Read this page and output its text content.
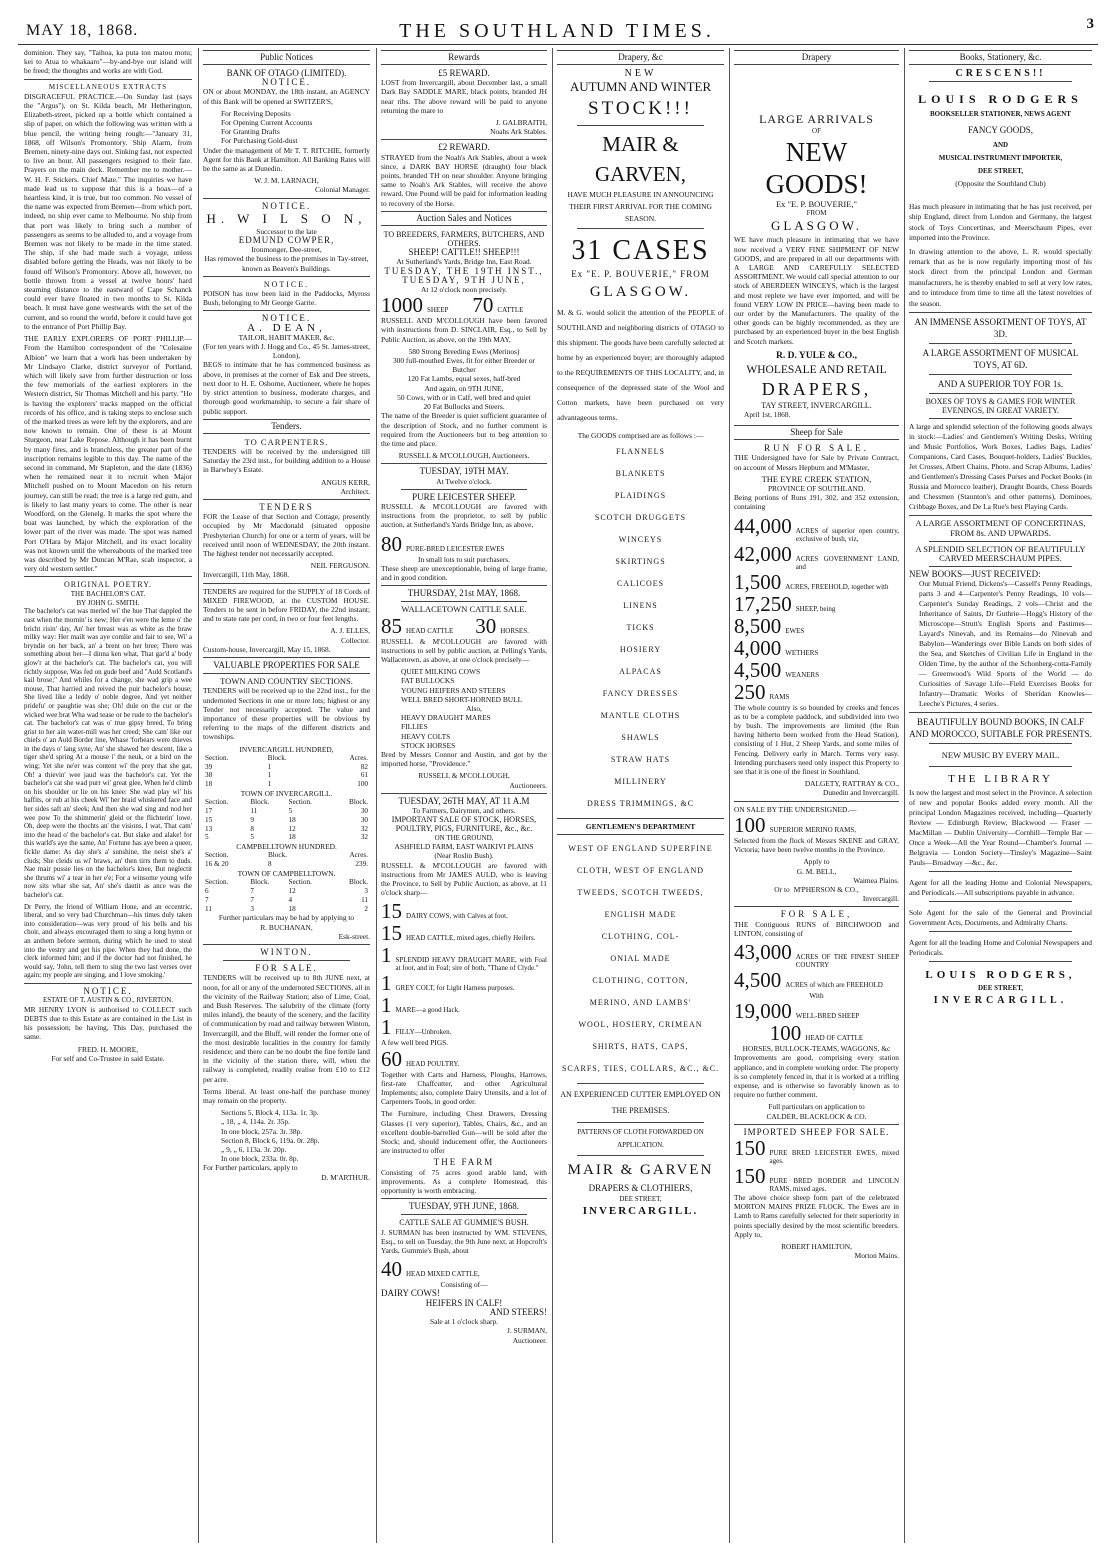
MAY 18, 1868.	THE SOUTHLAND TIMES.	3

dominion. They say, "Taihoa, ka puta ton matou motu; kei to Atua to whakaaro"—by-and-bye our island will be freed; the thoughts and works are with God.

MISCELLANEOUS EXTRACTS

DISGRACEFUL PRACTICE.—On Sunday last (says the "Argus"), on St. Kilda beach, Mr Hetherington, Elizabeth-street, picked up a bottle which contained a slip of paper, on which the following was written with a blue pencil, the writing being rough:—"January 31, 1868, off Wilson's Promontory. Ship Alarm, from Bremen, ninety-nine days out. Sinking fast, not expected to live an hour. All passengers resigned to their fate. Prayers on the main deck. Remember me to mother.—W. H. F. Stickers. Chief Mate." The inquiries we have made lead us to suppose that this is a hoax—of a heartless kind, it is true, but too common. No vessel of the name was expected from Bremen—from which port, indeed, no ship ever came to Melbourne. No ship from that port was likely to bring such a number of passengers as seems to be alluded to, and a voyage from Bremen was not likely to be made in the time stated. The ship, if she had made such a voyage, unless disabled before getting the Heads, was not likely to be found off Wilson's Promontory. Above all, however, no bottle thrown from a vessel at twelve hours' hard steaming distance to the eastward of Cape Schanck could ever have floated in two months to St. Kilda beach. It must have gone westwards with the set of the current, and so round the world, before it could have got to the entrance of Port Phillip Bay.

THE EARLY EXPLORERS OF PORT PHILLIP.—From the Hamilton correspondent of the "Colesaine Albion" we learn that a work has been undertaken by Mr Lindsayo Clarke, district surveyor of Portland, which will likely save from further destruction or loss the few memorials of the earliest explorers in the Western district, Sir Thomas Mitchell and his party. "He is having the explorers' tracks mapped on the official records of his office, and is taking steps to enclose such of the marked trees as were left by the explorers, and are now known to remain. One of these is at Mount Sturgeon, near Lake Repose. Although it has been burnt by many fires, and is branchless, the greater part of the inscription remains legible to this day. The name of the second in command, Mr Stapleton, and the date (1836) when he remained near it to recruit when Major Mitchell pushed on to Mount Macedon on his return journey, can still be read; the tree is a large red gum, and is likely to last many years to come. The other is near Woodford, on the Glenelg. It marks the spot where the boat was launched, by which the exploration of the lower part of the river was made. The spot was named Port O'Hara by Major Mitchell, and its exact locality was not known until the whereabouts of the marked tree was described by Mr Duncan M'Rae, scab inspector, a very old western settler."

ORIGINAL POETRY.
THE BACHELOR'S CAT.
BY JOHN G. SMITH.

The bachelor's cat was merled wi' the hue That dappled the east when the mornin' is new; Her e'en were the leme o' the bricht risin' day, An' her breast was as white as the braw milky way: Her mailt was aye comlie and fair to see, Wi' a bryndie on her back, an' a brent on her bree; There was something about her—I dinna ken what, That gar'd a' body glow'r at the bachelor's cat. The bachelor's cat, you will richtly suppose, Was fed on gude beef and "Auld Scotland's kail brose;" And whiles for a change, she wad grip a wee mouse, That harried and reived the puir bachelor's house; She lived like a leddy o' noble degree, And yet neither pridefu' or paughtie was she; Oh! dule on the cur or the wicked wee brat Wha wad tease or be rude to the bachelor's cat. The bachelor's cat was o' true gipsy breed, To bring grist to her ain water-mill was her creed; She cam' like our chiefs o' an Auld Border line, Whase 'forbears were thieves in the days o' lang syne, An' she shawed her descent, like a tiger she'd spring At a mouse i' the neuk, or a bird on the wing; Yet she ne'er was content wi' the prey that she gat, Oh! a thievin' wee jaud was the bachelor's cat. Yet the bachelor's cat she wad purr wi' great glee, When he'd climb on his shoulder or lie on his knee: She wad play wi' his haffits, or rub at his cheek Wi' her braid whiskered face and her sides saft an' sleek; And then she wad sing and nod her wee pow To the shimmerin' gleid or the flichterin' lowe. Oh, deep were the thochts an' the visions, I wat, That cam' into the head o' the bachelor's cat. But slake and alake! for this warld's aye the same, An' Fortune has aye been a queer, fickle dame: As day she's a' sunshine, the neist she's a' cluds; She cleids us wi' braws, an' then tirrs them to duds. Nae mair pussie lies on the bachelor's knee, But neglectit she thrums wi' a tear in her e'e; For a winsome young wife now sits whar she sat, An' she's dautit as ance was the bachelor's cat.

Dr Perry, the friend of William Hone, and an eccentric, liberal, and so very bad Churchman—his times duly taken into consideration—was very proud of his bells and his choir, and always encouraged them to sing a long hymn or an anthem before sermon, during which he used to steal into the vestry and get his pipe. When they had done, the clerk informed him; and if the doctor had not finished, he would say, 'John, tell them to sing the two last verses over again; my people are singing, and I love smoking.'

NOTICE.
ESTATE OF T. AUSTIN & CO., RIVERTON.

MR HENRY LYON is authorised to COLLECT such DEBTS due to this Estate as are contained in the List in his possession; he having, This Day, purchased the same.

FRED. H. MOORE,
For self and Co-Trustee in said Estate.
Public Notices
BANK OF OTAGO (LIMITED).
NOTICE.

ON or about MONDAY, the 18th instant, an AGENCY of this Bank will be opened at SWITZER'S,

For Receiving Deposits
For Opening Current Accounts
For Granting Drafts
For Purchasing Gold-dust

Under the management of Mr T. T. RITCHIE, formerly Agent for this Bank at Hamilton. All Banking Rates will be the same as at Dunedin.

W. J. M. LARNACH,
Colonial Manager.
NOTICE.
H. W I L S O N,
Successor to the late
EDMUND COWPER,
Ironmonger, Dee-street,

Has removed the business to the premises in Tay-street, known as Beaven's Buildings.

NOTICE.

POISON has now been laid in the Paddocks, Myross Bush, belonging to Mr George Garrie.

NOTICE.
A. DEAN,
TAILOR, HABIT MAKER, &c.
(For ten years with J. Hogg and Co., 45 St. James-street, London),

BEGS to intimate that he has commenced business as above, in premises at the corner of Esk and Dee streets, next door to H. E. Osborne, Auctioneer, where he hopes by strict attention to business, moderate charges, and thorough good workmanship, to secure a fair share of public support.

Tenders.
TO CARPENTERS.

TENDERS will be received by the undersigned till Saturday the 23rd inst., for building addition to a House in Barwhey's Estate.

ANGUS KERR,
Architect.
TENDERS

FOR the Lease of that Section and Cottage, presently occupied by Mr Macdonald (situated opposite Presbyterian Church) for one or a term of years, will be received until noon of WEDNESDAY, the 20th instant. The highest tender not necessarily accepted.

NEIL FERGUSON.
Invercargill, 11th May, 1868.

TENDERS are required for the SUPPLY of 18 Cords of MIXED FIREWOOD, at the CUSTOM HOUSE. Tenders to be sent in before FRIDAY, the 22nd instant; and to state rate per cord, in two or four feet lengths.

A. J. ELLES,
Collector.
Custom-house, Invercargill, May 15, 1868.
VALUABLE PROPERTIES FOR SALE
TOWN AND COUNTRY SECTIONS.

TENDERS will be received up to the 22nd inst., for the undernoted Sections in one or more lots; highest or any Tender not necessarily accepted. The value and importance of these properties will be obvious by referring to the maps of the different districts and townships.

INVERCARGILL HUNDRED,
Section.	Block.	Acres.
39	1	82
38	1	61
18	1	100
TOWN OF INVERCARGILL.
Section.	Block.	Section.	Block.
17	11	5	30
15	9	18	30
13	8	12	32
5	5	18	32
CAMPBELLTOWN HUNDRED.
Section.	Block.	Acres.
16 & 20	8	239.
TOWN OF CAMPBELLTOWN.
Section.	Block.	Section.	Block.
6	7	12	3
7	7	4	11
11	3	18	2
Further particulars may be had by applying to
R. BUCHANAN,
Esk-street.
WINTON.
FOR SALE.

TENDERS will be received up to 8th JUNE next, at noon, for all or any of the undernoted SECTIONS, all in the vicinity of the Railway Station; also of Lime, Coal, and Bush Reserves. The salubrity of the climate (forty miles inland), the beauty of the scenery, and the facility of communication by road and railway between Winton, Invercargill, and the Bluff, will render the former one of the most desirable localities in the country for family residence; and there can be no doubt the fine fertile land in the vicinity of the station there, will, when the railway is completed, readily realise from £10 to £12 per acre.

Terms liberal. At least one-half the purchase money may remain on the property.

Sections 5, Block 4, 113a. 1r. 3p.
„ 18, „ 4, 114a. 2r. 35p.
In one block, 257a. 3r. 38p.
Section 8, Block 6, 119a. 0r. 28p.
„ 9, „ 6, 113a. 3r. 20p.
In one block, 233a. 0r. 8p.
For Further particulars, apply to
D. M'ARTHUR.
Rewards
£5 REWARD.

LOST from Invercargill, about December last, a small Dark Bay SADDLE MARE, black points, branded JH near ribs. The above reward will be paid to anyone returning the mare to

J. GALBRAITH,
Noahs Ark Stables.
£2 REWARD.

STRAYED from the Noah's Ark Stables, about a week since, a DARK BAY HORSE (draught) four black points, branded TH on near shoulder. Anyone bringing same to Noah's Ark Stables, will receive the above reward. One Pound will be paid for information leading to recovery of the Horse.

Auction Sales and Notices
TO BREEDERS, FARMERS, BUTCHERS, AND OTHERS.
SHEEP! CATTLE!! SHEEP!!!
At Sutherland's Yards, Bridge Inn, East Road.
TUESDAY, THE 19TH INST.,
TUESDAY, 9TH JUNE,
At 12 o'clock noon precisely.
1000 SHEEP 70 CATTLE

RUSSELL AND M'COLLOUGH have been favored with instructions from D. SINCLAIR, Esq., to Sell by Public Auction, as above, on the 19th MAY,

580 Strong Breeding Ewes (Merinos)
300 full-mouthed Ewes, fit for either Breeder or Butcher
120 Fat Lambs, equal sexes, half-bred
And again, on 9TH JUNE,
50 Cows, with or in Calf, well bred and quiet
20 Fat Bullocks and Steers.

The name of the Breeder is quiet sufficient guarantee of the description of Stock, and no further comment is required from the Auctioneers but to beg attention to the time and place.

RUSSELL & M'COLLOUGH, Auctioneers.
TUESDAY, 19TH MAY.
At Twelve o'clock.
PURE LEICESTER SHEEP.

RUSSELL & M'COLLOUGH are favored with instructions from the proprietor, to sell by public auction, at Sutherland's Yards Bridge Inn, as above,

80 PURE-BRED LEICESTER EWES
In small lots to suit purchasers.

These sheep are unexceptionable, being of large frame, and in good condition.

THURSDAY, 21st MAY, 1868.
WALLACETOWN CATTLE SALE.
85 HEAD CATTLE 30 HORSES.

RUSSELL & M'COLLOUGH are favored with instructions to sell by public auction, at Pelling's Yards, Wallacetown, as above, at one o'clock precisely—

QUIET MILKING COWS
FAT BULLOCKS
YOUNG HEIFERS AND STEERS
WELL BRED SHORT-HORNED BULL
Also,
HEAVY DRAUGHT MARES
FILLIES
HEAVY COLTS
STOCK HORSES

Bred by Messrs Connor and Austin, and got by the imported horse, "Providence."

RUSSELL & M'COLLOUGH,
Auctioneers.
TUESDAY, 26TH MAY, AT 11 A.M
To Farmers, Dairymen, and others.
IMPORTANT SALE OF STOCK, HORSES, POULTRY, PIGS, FURNITURE, &c., &c.
ON THE GROUND,
ASHFIELD FARM, EAST WAIKIVI PLAINS
(Near Roslin Bush).

RUSSELL & M'COLLOUGH are favored with instructions from Mr JAMES AULD, who is leaving the Province, to Sell by Public Auction, as above, at 11 o'clock sharp—

15 DAIRY COWS, with Calves at foot.
15 HEAD CATTLE, mixed ages, chiefly Heifers.
1 SPLENDID HEAVY DRAUGHT MARE, with Foal at foot, and in Foal; sire of both, "Thane of Clyde."
1 GREY COLT, for Light Harness purposes.
1 MARE—a good Hack.
1 FILLY—Unbroken.
A few well bred PIGS.
60 HEAD POULTRY.

Together with Carts and Harness, Ploughs, Harrows, first-rate Chaffcutter, and other Agricultural Implements; also, complete Dairy Utensils, and a lot of Carpenters Tools, in good order.

The Furniture, including Chest Drawers, Dressing Glasses (1 very superior), Tables, Chairs, &c., and an excellent double-barrelled Gun—will be sold after the Stock; and, should inducement offer, the Auctioneers are instructed to offer

THE FARM

Consisting of 75 acres good arable land, with improvements. As a complete Homestead, this opportunity is worth embracing.

TUESDAY, 9TH JUNE, 1868.
CATTLE SALE AT GUMMIE'S BUSH.

J. SURMAN has been instructed by WM. STEVENS, Esq., to sell on Tuesday, the 9th June next, at Hopcroft's Yards, Gummie's Bush, about

40 HEAD MIXED CATTLE,
Consisting of—
DAIRY COWS!
HEIFERS IN CALF!
AND STEERS!
Sale at 1 o'clock sharp.
J. SURMAN,
Auctioneer.
Drapery, &c
NEW
AUTUMN AND WINTER
STOCK!!!
MAIR & GARVEN,

HAVE MUCH PLEASURE IN ANNOUNCING THEIR FIRST ARRIVAL FOR THE COMING SEASON.

31 CASES
Ex "E. P. BOUVERIE," FROM
GLASGOW.

M. & G. would solicit the attention of the PEOPLE of SOUTHLAND and neighboring districts of OTAGO to this shipment. The goods have been carefully selected at home by an experienced buyer; are thoroughly adapted to the REQUIREMENTS OF THIS LOCALITY, and, in consequence of the depressed state of the Wool and Cotton markets, have been purchased on very advantageous terms.

The GOODS comprised are as follows :—
FLANNELS
BLANKETS
PLAIDINGS
SCOTCH DRUGGETS
WINCEYS
SKIRTINGS
CALICOES
LINENS
TICKS
HOSIERY
ALPACAS
FANCY DRESSES
MANTLE CLOTHS
SHAWLS
STRAW HATS
MILLINERY
DRESS TRIMMINGS, &C
GENTLEMEN'S DEPARTMENT
WEST OF ENGLAND SUPERFINE
CLOTH, WEST OF ENGLAND
TWEEDS, SCOTCH TWEEDS,
ENGLISH MADE
CLOTHING, COL-
ONIAL MADE
CLOTHING, COTTON,
MERINO, AND LAMBS'
WOOL, HOSIERY, CRIMEAN
SHIRTS, HATS, CAPS,
SCARFS, TIES, COLLARS, &C., &C.
AN EXPERIENCED CUTTER EMPLOYED ON THE PREMISES.
PATTERNS OF CLOTH FORWARDED ON APPLICATION.
MAIR & GARVEN
DRAPERS & CLOTHIERS,
DEE STREET,
INVERCARGILL.
Drapery
LARGE ARRIVALS
OF
NEW GOODS!
Ex "E. P. BOUVERIE,"
FROM
GLASGOW.

WE have much pleasure in intimating that we have now received a VERY FINE SHIPMENT OF NEW GOODS, and are prepared in all our departments with A LARGE AND CAREFULLY SELECTED ASSORTMENT. We would call special attention to our stock of ABERDEEN WINCEYS, which is the largest and most replete we have ever imported, and will be found VERY LOW IN PRICE—having been made to our order by the Manufacturers. The quality of the other goods can be highly recommended, as they are purchased by an experienced buyer in the best English and Scotch markets.

R. D. YULE & CO.,
WHOLESALE AND RETAIL
DRAPERS,
TAY STREET, INVERCARGILL.
April 1st, 1868.
Sheep for Sale
RUN FOR SALE.

THE Undersigned have for Sale by Private Contract, on account of Messrs Hepburn and M'Master,

THE EYRE CREEK STATION,
PROVINCE OF SOUTHLAND.

Being portions of Runs 191, 302, and 352 extension, containing

44,000 ACRES of superior open country, exclusive of bush, viz,
42,000 ACRES GOVERNMENT LAND, and
1,500 ACRES, FREEHOLD, together with
17,250 SHEEP, being
8,500 EWES
4,000 WETHERS
4,500 WEANERS
250 RAMS

The whole country is so bounded by creeks and fences as to be a complete paddock, and subdivided into two by bush. The improvements are limited (the Run having hitherto been worked from the Head Station), consisting of 1 Hut, 2 Sheep Yards, and some miles of Fencing. Delivery early in March. Terms very easy. Intending purchasers need only inspect this Property to see that it is one of the finest in Southland.

DALGETY, RATTRAY & CO.,
Dunedin and Invercargill.
ON SALE BY THE UNDERSIGNED.—
100 SUPERIOR MERINO RAMS,

Selected from the flock of Messrs SKENE and GRAY, Victoria; have been twelve months in the Province.

Apply to
G. M. BELL,
Waimea Plains.
Or to M'PHERSON & CO.,
Invercargill.
FOR SALE,

THE Contiguous RUNS of BIRCHWOOD and LINTON, consisting of

43,000 ACRES OF THE FINEST SHEEP COUNTRY
4,500 ACRES of which are FREEHOLD
With
19,000 WELL-BRED SHEEP
100 HEAD OF CATTLE
HORSES, BULLOCK-TEAMS, WAGGONS, &c

Improvements are good, comprising every station appliance, and in complete working order. The property is so completely fenced in, that it is worked at a trifling expense, and is otherwise so favorably known as to require no further comment.

Full particulars on application to
CALDER, BLACKLOCK & CO.
IMPORTED SHEEP FOR SALE.
150 PURE BRED LEICESTER EWES, mixed ages.
150 PURE BRED BORDER and LINCOLN RAMS, mixed ages.

The above choice sheep form part of the celebrated MORTON MAINS PRIZE FLOCK. The Ewes are in Lamb to Rams carefully selected for their superiority in points specially desired by the most scientific breeders. Apply to,

ROBERT HAMILTON,
Morton Mains.
Books, Stationery, &c.
CRESCENS!!
LOUIS RODGERS
BOOKSELLER STATIONER, NEWS AGENT
FANCY GOODS,
AND
MUSICAL INSTRUMENT IMPORTER,
DEE STREET,
(Opposite the Southland Club)

Has much pleasure in intimating that he has just received, per ship England, direct from London and Germany, the largest stock of Toys Concertinas, and Meerschaum Pipes, ever imported into the Province.

In drawing attention to the above, L. R. would specially remark that as he is now regularly importing most of his stock direct from the principal London and German manufacturers, he is thereby enabled to sell at very low rates, and to introduce from time to time all the latest novelties of the season.

AN IMMENSE ASSORTMENT OF TOYS, AT 3D.
A LARGE ASSORTMENT OF MUSICAL TOYS, AT 6D.
AND A SUPERIOR TOY FOR 1s.
BOXES OF TOYS & GAMES FOR WINTER EVENINGS, IN GREAT VARIETY.

A large and splendid selection of the following goods always in stock:—Ladies' and Gentlemen's Writing Desks, Writing and Music Portfolios, Work Boxes, Ladies Bags, Ladies' Companions, Card Cases, Bouquet-holders, Ladies' Buckles, Jet Crosses, Albert Chains, Photo. and Scrap Albums, Ladies' and Gentlemen's Dressing Cases Purses and Pocket Books (in Russia and Morocco leather), Draught Boards, Chess Boards and Chessmen (Staunton's and other patterns), Dominoes, Cribbage Boxes, and De La Rue's best Playing Cards.

A LARGE ASSORTMENT OF CONCERTINAS, FROM 8s. AND UPWARDS.
A SPLENDID SELECTION OF BEAUTIFULLY CARVED MEERSCHAUM PIPES.
NEW BOOKS—JUST RECEIVED:

Our Mutual Friend, Dickens's—Cassell's Penny Readings, parts 3 and 4—Carpenter's Penny Readings, 10 vols—Carpenter's Sunday Readings, 2 vols—Christ and the Inheritance of Saints, Dr Guthrie—Hogg's History of the Microscope—Strutt's English Sports and Pastimes—Layard's Ninevah, and its Remains—do Ninevah and Babylon—Wanderings over Bible Lands on both sides of the Sea, and Sketches of Civilian Life in England in the Olden Time, by the author of the Schonberg-cotta-Family — Greenwood's Wild Sports of the World — do Curiosities of Savage Life—Field Exercises Books for Infantry—Dramatic Works of Sheridan Knowles—Leeche's Pictures, 4 series.

BEAUTIFULLY BOUND BOOKS, IN CALF AND MOROCCO, SUITABLE FOR PRESENTS.
NEW MUSIC BY EVERY MAIL.
THE LIBRARY

Is now the largest and most select in the Province. A selection of new and popular Books added every month. All the principal London Magazines received, including—Quarterly Review — Edinburgh Review, Blackwood — Fraser — MacMillan — Dublin University—Cornhill—Temple Bar — Once a Week—All the Year Round—Chamber's Journal — Belgravia — London Society—Tinsley's Magazine—Saint Pauls—Broadway —&c., &c.

Agent for all the leading Home and Colonial Newspapers, and Periodicals.—All subscriptions payable in advance.

Sole Agent for the sale of the General and Provincial Government Acts, Documents, and Admiralty Charts.

Agent for all the leading Home and Colonial Newspapers and Periodicals.

LOUIS RODGERS,
DEE STREET,
INVERCARGILL.
